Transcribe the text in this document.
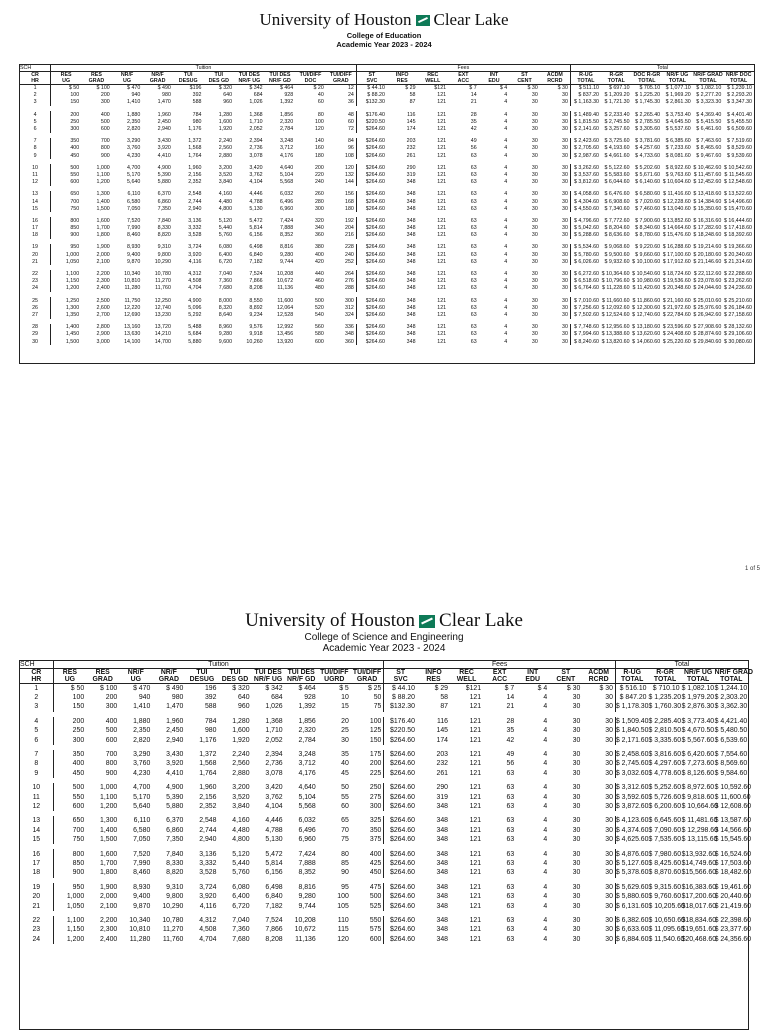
University of Houston Clear Lake
College of Education
Academic Year 2023 - 2024
SCH	Tuition										Fees							Total					
CR	RES	RES	NR/F	NR/F	TUI	TUI	TUI DES	TUI DES	TUI/DIFF	TUI/DIFF	ST	INFO	REC	EXT	INT	ST	ACDM	R-UG	R-GR	DOC R-GR	NR/F UG	NR/F GRAD	NR/F DOC
HR	UG	GRAD	UG	GRAD	DESUG	DES GD	NR/F UG	NR/F GD	DOC	GRAD	SVC	RES	WELL	ACC	EDU	CENT	RCRD	TOTAL	TOTAL	TOTAL	TOTAL	TOTAL	TOTAL
1	$ 50	$ 100	$ 470	$ 490	$196	$ 320	$ 342	$ 464	$ 20	12	$ 44.10	$ 29	$121	$ 7	$ 4	$ 30	$ 30	$ 511.10	$ 697.10	$ 705.10	$ 1,077.10	$ 1,082.10	$ 1,239.10
2	100	200	940	980	392	640	684	928	40	24	$ 88.20	58	121	14	4	30	30	$ 837.20	$ 1,209.20	$ 1,225.20	$ 1,969.20	$ 2,277.20	$ 2,293.20
3	150	300	1,410	1,470	588	960	1,026	1,392	60	36	$132.30	87	121	21	4	30	30	$ 1,163.30	$ 1,721.30	$ 1,745.30	$ 2,861.30	$ 3,323.30	$ 3,347.30

4	200	400	1,880	1,960	784	1,280	1,368	1,856	80	48	$176.40	116	121	28	4	30	30	$ 1,489.40	$ 2,233.40	$ 2,265.40	$ 3,753.40	$ 4,369.40	$ 4,401.40
5	250	500	2,350	2,450	980	1,600	1,710	2,320	100	60	$220.50	145	121	35	4	30	30	$ 1,815.50	$ 2,745.50	$ 2,785.50	$ 4,645.50	$ 5,415.50	$ 5,455.50
6	300	600	2,820	2,940	1,176	1,920	2,052	2,784	120	72	$264.60	174	121	42	4	30	30	$ 2,141.60	$ 3,257.60	$ 3,305.60	$ 5,537.60	$ 6,461.60	$ 6,509.60

7	350	700	3,290	3,430	1,372	2,240	2,394	3,248	140	84	$264.60	203	121	49	4	30	30	$ 2,423.60	$ 3,725.60	$ 3,781.60	$ 6,385.60	$ 7,463.60	$ 7,519.60
8	400	800	3,760	3,920	1,568	2,560	2,736	3,712	160	96	$264.60	232	121	56	4	30	30	$ 2,705.60	$ 4,193.60	$ 4,257.60	$ 7,233.60	$ 8,465.60	$ 8,529.60
9	450	900	4,230	4,410	1,764	2,880	3,078	4,176	180	108	$264.60	261	121	63	4	30	30	$ 2,987.60	$ 4,661.60	$ 4,733.60	$ 8,081.60	$ 9,467.60	$ 9,539.60

10	500	1,000	4,700	4,900	1,960	3,200	3,420	4,640	200	120	$264.60	290	121	63	4	30	30	$ 3,262.60	$ 5,122.60	$ 5,202.60	$ 8,922.60	$ 10,462.60	$ 10,542.60
11	550	1,100	5,170	5,390	2,156	3,520	3,762	5,104	220	132	$264.60	319	121	63	4	30	30	$ 3,537.60	$ 5,583.60	$ 5,671.60	$ 9,763.60	$ 11,457.60	$ 11,545.60
12	600	1,200	5,640	5,880	2,352	3,840	4,104	5,568	240	144	$264.60	348	121	63	4	30	30	$ 3,812.60	$ 6,044.60	$ 6,140.60	$ 10,604.60	$ 12,452.60	$ 12,548.60

13	650	1,300	6,110	6,370	2,548	4,160	4,446	6,032	260	156	$264.60	348	121	63	4	30	30	$ 4,058.60	$ 6,476.60	$ 6,580.60	$ 11,416.60	$ 13,418.60	$ 13,522.60
14	700	1,400	6,580	6,860	2,744	4,480	4,788	6,496	280	168	$264.60	348	121	63	4	30	30	$ 4,304.60	$ 6,908.60	$ 7,020.60	$ 12,228.60	$ 14,384.60	$ 14,496.60
15	750	1,500	7,050	7,350	2,940	4,800	5,130	6,960	300	180	$264.60	348	121	63	4	30	30	$ 4,550.60	$ 7,340.60	$ 7,460.60	$ 13,040.60	$ 15,350.60	$ 15,470.60

16	800	1,600	7,520	7,840	3,136	5,120	5,472	7,424	320	192	$264.60	348	121	63	4	30	30	$ 4,796.60	$ 7,772.60	$ 7,900.60	$ 13,852.60	$ 16,316.60	$ 16,444.60
17	850	1,700	7,990	8,330	3,332	5,440	5,814	7,888	340	204	$264.60	348	121	63	4	30	30	$ 5,042.60	$ 8,204.60	$ 8,340.60	$ 14,664.60	$ 17,282.60	$ 17,418.60
18	900	1,800	8,460	8,820	3,528	5,760	6,156	8,352	360	216	$264.60	348	121	63	4	30	30	$ 5,288.60	$ 8,636.60	$ 8,780.60	$ 15,476.60	$ 18,248.60	$ 18,392.60

19	950	1,900	8,930	9,310	3,724	6,080	6,498	8,816	380	228	$264.60	348	121	63	4	30	30	$ 5,534.60	$ 9,068.60	$ 9,220.60	$ 16,288.60	$ 19,214.60	$ 19,366.60
20	1,000	2,000	9,400	9,800	3,920	6,400	6,840	9,280	400	240	$264.60	348	121	63	4	30	30	$ 5,780.60	$ 9,500.60	$ 9,660.60	$ 17,100.60	$ 20,180.60	$ 20,340.60
21	1,050	2,100	9,870	10,290	4,116	6,720	7,182	9,744	420	252	$264.60	348	121	63	4	30	30	$ 6,026.60	$ 9,932.60	$ 10,100.60	$ 17,912.60	$ 21,146.60	$ 21,314.60

22	1,100	2,200	10,340	10,780	4,312	7,040	7,524	10,208	440	264	$264.60	348	121	63	4	30	30	$ 6,272.60	$ 10,364.60	$ 10,540.60	$ 18,724.60	$ 22,112.60	$ 22,288.60
23	1,150	2,300	10,810	11,270	4,508	7,360	7,866	10,672	460	276	$264.60	348	121	63	4	30	30	$ 6,518.60	$ 10,796.60	$ 10,980.60	$ 19,536.60	$ 23,078.60	$ 23,262.60
24	1,200	2,400	11,280	11,760	4,704	7,680	8,208	11,136	480	288	$264.60	348	121	63	4	30	30	$ 6,764.60	$ 11,228.60	$ 11,420.60	$ 20,348.60	$ 24,044.60	$ 24,236.60

25	1,250	2,500	11,750	12,250	4,900	8,000	8,550	11,600	500	300	$264.60	348	121	63	4	30	30	$ 7,010.60	$ 11,660.60	$ 11,860.60	$ 21,160.60	$ 25,010.60	$ 25,210.60
26	1,300	2,600	12,220	12,740	5,096	8,320	8,892	12,064	520	312	$264.60	348	121	63	4	30	30	$ 7,256.60	$ 12,092.60	$ 12,300.60	$ 21,972.60	$ 25,976.60	$ 26,184.60
27	1,350	2,700	12,690	13,230	5,292	8,640	9,234	12,528	540	324	$264.60	348	121	63	4	30	30	$ 7,502.60	$ 12,524.60	$ 12,740.60	$ 22,784.60	$ 26,942.60	$ 27,158.60

28	1,400	2,800	13,160	13,720	5,488	8,960	9,576	12,992	560	336	$264.60	348	121	63	4	30	30	$ 7,748.60	$ 12,956.60	$ 13,180.60	$ 23,596.60	$ 27,908.60	$ 28,132.60
29	1,450	2,900	13,630	14,210	5,684	9,280	9,918	13,456	580	348	$264.60	348	121	63	4	30	30	$ 7,994.60	$ 13,388.60	$ 13,620.60	$ 24,408.60	$ 28,874.60	$ 29,106.60
30	1,500	3,000	14,100	14,700	5,880	9,600	10,260	13,920	600	360	$264.60	348	121	63	4	30	30	$ 8,240.60	$ 13,820.60	$ 14,060.60	$ 25,220.60	$ 29,840.60	$ 30,080.60
1 of 5
University of Houston Clear Lake
College of Science and Engineering
Academic Year 2023 - 2024
SCH	Tuition										Fees							Total			
CR	RES	RES	NR/F	NR/F	TUI	TUI	TUI DES	TUI DES	TUI/DIFF	TUI/DIFF	ST	INFO	REC	EXT	INT	ST	ACDM	R-UG	R-GR	NR/F UG	NR/F GRAD
HR	UG	GRAD	UG	GRAD	DESUG	DES GD	NR/F UG	NR/F GD	UGRD	GRAD	SVC	RES	WELL	ACC	EDU	CENT	RCRD	TOTAL	TOTAL	TOTAL	TOTAL
1	$ 50	$ 100	$ 470	$ 490	196	$ 320	$ 342	$ 464	$ 5	$ 25	$ 44.10	$ 29	$121	$ 7	$ 4	$ 30	$ 30	$ 516.10	$ 710.10	$ 1,082.10	$ 1,244.10
2	100	200	940	980	392	640	684	928	10	50	$ 88.20	58	121	14	4	30	30	$ 847.20	$ 1,235.20	$ 1,979.20	$ 2,303.20
3	150	300	1,410	1,470	588	960	1,026	1,392	15	75	$132.30	87	121	21	4	30	30	$ 1,178.30	$ 1,760.30	$ 2,876.30	$ 3,362.30

4	200	400	1,880	1,960	784	1,280	1,368	1,856	20	100	$176.40	116	121	28	4	30	30	$ 1,509.40	$ 2,285.40	$ 3,773.40	$ 4,421.40
5	250	500	2,350	2,450	980	1,600	1,710	2,320	25	125	$220.50	145	121	35	4	30	30	$ 1,840.50	$ 2,810.50	$ 4,670.50	$ 5,480.50
6	300	600	2,820	2,940	1,176	1,920	2,052	2,784	30	150	$264.60	174	121	42	4	30	30	$ 2,171.60	$ 3,335.60	$ 5,567.60	$ 6,539.60

7	350	700	3,290	3,430	1,372	2,240	2,394	3,248	35	175	$264.60	203	121	49	4	30	30	$ 2,458.60	$ 3,816.60	$ 6,420.60	$ 7,554.60
8	400	800	3,760	3,920	1,568	2,560	2,736	3,712	40	200	$264.60	232	121	56	4	30	30	$ 2,745.60	$ 4,297.60	$ 7,273.60	$ 8,569.60
9	450	900	4,230	4,410	1,764	2,880	3,078	4,176	45	225	$264.60	261	121	63	4	30	30	$ 3,032.60	$ 4,778.60	$ 8,126.60	$ 9,584.60

10	500	1,000	4,700	4,900	1,960	3,200	3,420	4,640	50	250	$264.60	290	121	63	4	30	30	$ 3,312.60	$ 5,252.60	$ 8,972.60	$ 10,592.60
11	550	1,100	5,170	5,390	2,156	3,520	3,762	5,104	55	275	$264.60	319	121	63	4	30	30	$ 3,592.60	$ 5,726.60	$ 9,818.60	$ 11,600.60
12	600	1,200	5,640	5,880	2,352	3,840	4,104	5,568	60	300	$264.60	348	121	63	4	30	30	$ 3,872.60	$ 6,200.60	$ 10,664.60	$ 12,608.60

13	650	1,300	6,110	6,370	2,548	4,160	4,446	6,032	65	325	$264.60	348	121	63	4	30	30	$ 4,123.60	$ 6,645.60	$ 11,481.60	$ 13,587.60
14	700	1,400	6,580	6,860	2,744	4,480	4,788	6,496	70	350	$264.60	348	121	63	4	30	30	$ 4,374.60	$ 7,090.60	$ 12,298.60	$ 14,566.60
15	750	1,500	7,050	7,350	2,940	4,800	5,130	6,960	75	375	$264.60	348	121	63	4	30	30	$ 4,625.60	$ 7,535.60	$ 13,115.60	$ 15,545.60

16	800	1,600	7,520	7,840	3,136	5,120	5,472	7,424	80	400	$264.60	348	121	63	4	30	30	$ 4,876.60	$ 7,980.60	$13,932.60	$ 16,524.60
17	850	1,700	7,990	8,330	3,332	5,440	5,814	7,888	85	425	$264.60	348	121	63	4	30	30	$ 5,127.60	$ 8,425.60	$14,749.60	$ 17,503.60
18	900	1,800	8,460	8,820	3,528	5,760	6,156	8,352	90	450	$264.60	348	121	63	4	30	30	$ 5,378.60	$ 8,870.60	$15,566.60	$ 18,482.60

19	950	1,900	8,930	9,310	3,724	6,080	6,498	8,816	95	475	$264.60	348	121	63	4	30	30	$ 5,629.60	$ 9,315.60	$16,383.60	$ 19,461.60
20	1,000	2,000	9,400	9,800	3,920	6,400	6,840	9,280	100	500	$264.60	348	121	63	4	30	30	$ 5,880.60	$ 9,760.60	$17,200.60	$ 20,440.60
21	1,050	2,100	9,870	10,290	4,116	6,720	7,182	9,744	105	525	$264.60	348	121	63	4	30	30	$ 6,131.60	$ 10,205.60	$18,017.60	$ 21,419.60

22	1,100	2,200	10,340	10,780	4,312	7,040	7,524	10,208	110	550	$264.60	348	121	63	4	30	30	$ 6,382.60	$ 10,650.60	$18,834.60	$ 22,398.60
23	1,150	2,300	10,810	11,270	4,508	7,360	7,866	10,672	115	575	$264.60	348	121	63	4	30	30	$ 6,633.60	$ 11,095.60	$19,651.60	$ 23,377.60
24	1,200	2,400	11,280	11,760	4,704	7,680	8,208	11,136	120	600	$264.60	348	121	63	4	30	30	$ 6,884.60	$ 11,540.60	$20,468.60	$ 24,356.60
